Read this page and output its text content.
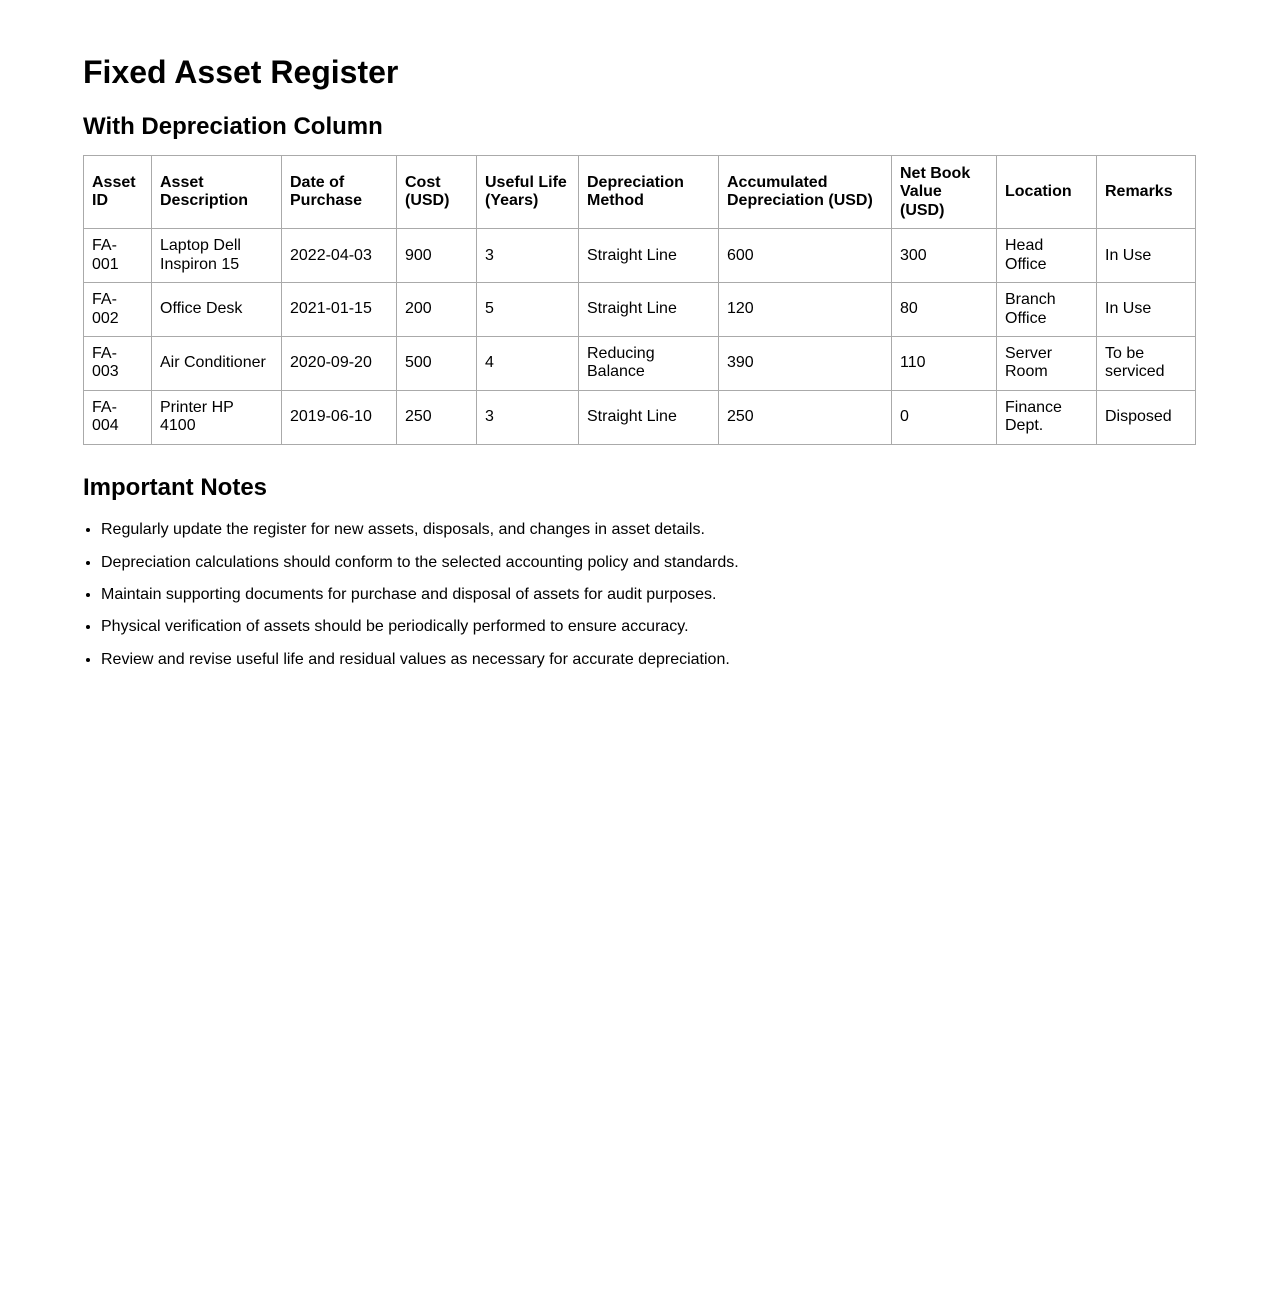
Fixed Asset Register
With Depreciation Column
Asset ID	Asset Description	Date of Purchase	Cost (USD)	Useful Life (Years)	Depreciation Method	Accumulated Depreciation (USD)	Net Book Value (USD)	Location	Remarks
FA-001	Laptop Dell Inspiron 15	2022-04-03	900	3	Straight Line	600	300	Head Office	In Use
FA-002	Office Desk	2021-01-15	200	5	Straight Line	120	80	Branch Office	In Use
FA-003	Air Conditioner	2020-09-20	500	4	Reducing Balance	390	110	Server Room	To be serviced
FA-004	Printer HP 4100	2019-06-10	250	3	Straight Line	250	0	Finance Dept.	Disposed
Important Notes
• Regularly update the register for new assets, disposals, and changes in asset details.
• Depreciation calculations should conform to the selected accounting policy and standards.
• Maintain supporting documents for purchase and disposal of assets for audit purposes.
• Physical verification of assets should be periodically performed to ensure accuracy.
• Review and revise useful life and residual values as necessary for accurate depreciation.
